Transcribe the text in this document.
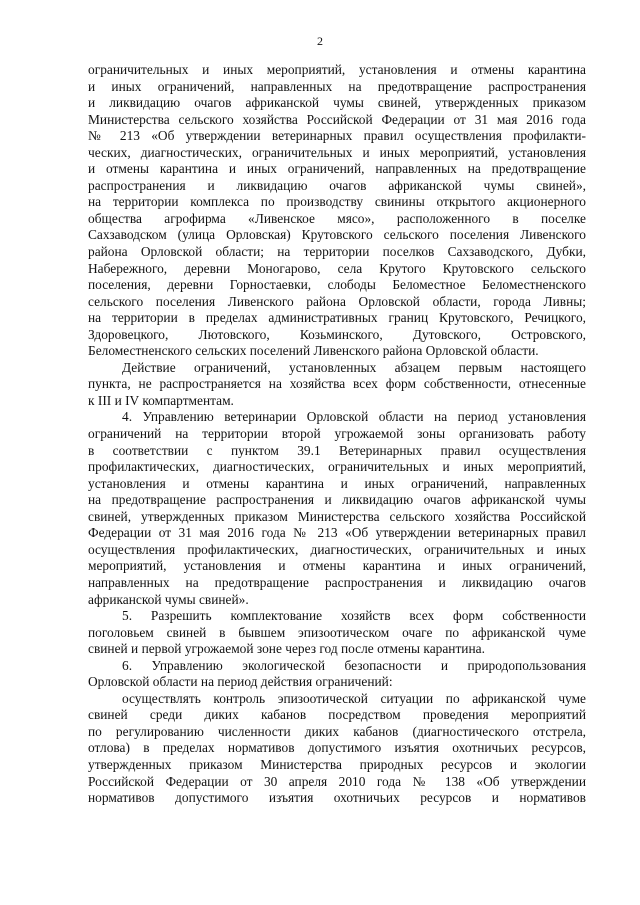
2
ограничительных и иных мероприятий, установления и отмены карантина
и иных ограничений, направленных на предотвращение распространения
и ликвидацию очагов африканской чумы свиней, утвержденных приказом
Министерства сельского хозяйства Российской Федерации от 31 мая 2016 года
№ 213 «Об утверждении ветеринарных правил осуществления профилакти-
ческих, диагностических, ограничительных и иных мероприятий, установления
и отмены карантина и иных ограничений, направленных на предотвращение
распространения и ликвидацию очагов африканской чумы свиней»,
на территории комплекса по производству свинины открытого акционерного
общества агрофирма «Ливенское мясо», расположенного в поселке
Сахзаводском (улица Орловская) Крутовского сельского поселения Ливенского
района Орловской области; на территории поселков Сахзаводского, Дубки,
Набережного, деревни Моногарово, села Крутого Крутовского сельского
поселения, деревни Горностаевки, слободы Беломестное Беломестненского
сельского поселения Ливенского района Орловской области, города Ливны;
на территории в пределах административных границ Крутовского, Речицкого,
Здоровецкого, Лютовского, Козьминского, Дутовского, Островского,
Беломестненского сельских поселений Ливенского района Орловской области.
Действие ограничений, установленных абзацем первым настоящего
пункта, не распространяется на хозяйства всех форм собственности, отнесенные
к III и IV компартментам.
4. Управлению ветеринарии Орловской области на период установления
ограничений на территории второй угрожаемой зоны организовать работу
в соответствии с пунктом 39.1 Ветеринарных правил осуществления
профилактических, диагностических, ограничительных и иных мероприятий,
установления и отмены карантина и иных ограничений, направленных
на предотвращение распространения и ликвидацию очагов африканской чумы
свиней, утвержденных приказом Министерства сельского хозяйства Российской
Федерации от 31 мая 2016 года № 213 «Об утверждении ветеринарных правил
осуществления профилактических, диагностических, ограничительных и иных
мероприятий, установления и отмены карантина и иных ограничений,
направленных на предотвращение распространения и ликвидацию очагов
африканской чумы свиней».
5. Разрешить комплектование хозяйств всех форм собственности
поголовьем свиней в бывшем эпизоотическом очаге по африканской чуме
свиней и первой угрожаемой зоне через год после отмены карантина.
6. Управлению экологической безопасности и природопользования
Орловской области на период действия ограничений:
осуществлять контроль эпизоотической ситуации по африканской чуме
свиней среди диких кабанов посредством проведения мероприятий
по регулированию численности диких кабанов (диагностического отстрела,
отлова) в пределах нормативов допустимого изъятия охотничьих ресурсов,
утвержденных приказом Министерства природных ресурсов и экологии
Российской Федерации от 30 апреля 2010 года № 138 «Об утверждении
нормативов допустимого изъятия охотничьих ресурсов и нормативов
